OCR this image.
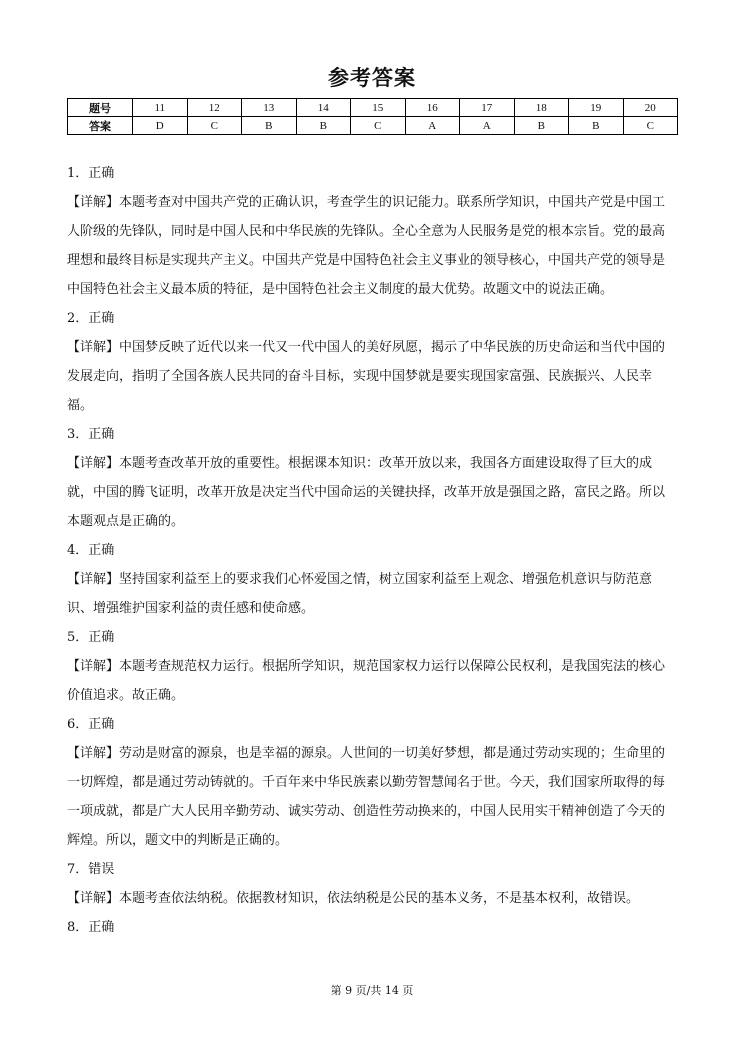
参考答案
题号	11	12	13	14	15	16	17	18	19	20
答案	D	C	B	B	C	A	A	B	B	C

1．正确

【详解】本题考查对中国共产党的正确认识，考查学生的识记能力。联系所学知识，中国共产党是中国工

人阶级的先锋队，同时是中国人民和中华民族的先锋队。全心全意为人民服务是党的根本宗旨。党的最高

理想和最终目标是实现共产主义。中国共产党是中国特色社会主义事业的领导核心，中国共产党的领导是

中国特色社会主义最本质的特征，是中国特色社会主义制度的最大优势。故题文中的说法正确。

2．正确

【详解】中国梦反映了近代以来一代又一代中国人的美好夙愿，揭示了中华民族的历史命运和当代中国的

发展走向，指明了全国各族人民共同的奋斗目标，实现中国梦就是要实现国家富强、民族振兴、人民幸

福。

3．正确

【详解】本题考查改革开放的重要性。根据课本知识：改革开放以来，我国各方面建设取得了巨大的成

就，中国的腾飞证明，改革开放是决定当代中国命运的关键抉择，改革开放是强国之路，富民之路。所以

本题观点是正确的。

4．正确

【详解】坚持国家利益至上的要求我们心怀爱国之情，树立国家利益至上观念、增强危机意识与防范意

识、增强维护国家利益的责任感和使命感。

5．正确

【详解】本题考查规范权力运行。根据所学知识，规范国家权力运行以保障公民权利，是我国宪法的核心

价值追求。故正确。

6．正确

【详解】劳动是财富的源泉，也是幸福的源泉。人世间的一切美好梦想，都是通过劳动实现的；生命里的

一切辉煌，都是通过劳动铸就的。千百年来中华民族素以勤劳智慧闻名于世。今天，我们国家所取得的每

一项成就，都是广大人民用辛勤劳动、诚实劳动、创造性劳动换来的，中国人民用实干精神创造了今天的

辉煌。所以，题文中的判断是正确的。

7．错误

【详解】本题考查依法纳税。依据教材知识，依法纳税是公民的基本义务，不是基本权利，故错误。

8．正确

第 9 页/共 14 页
